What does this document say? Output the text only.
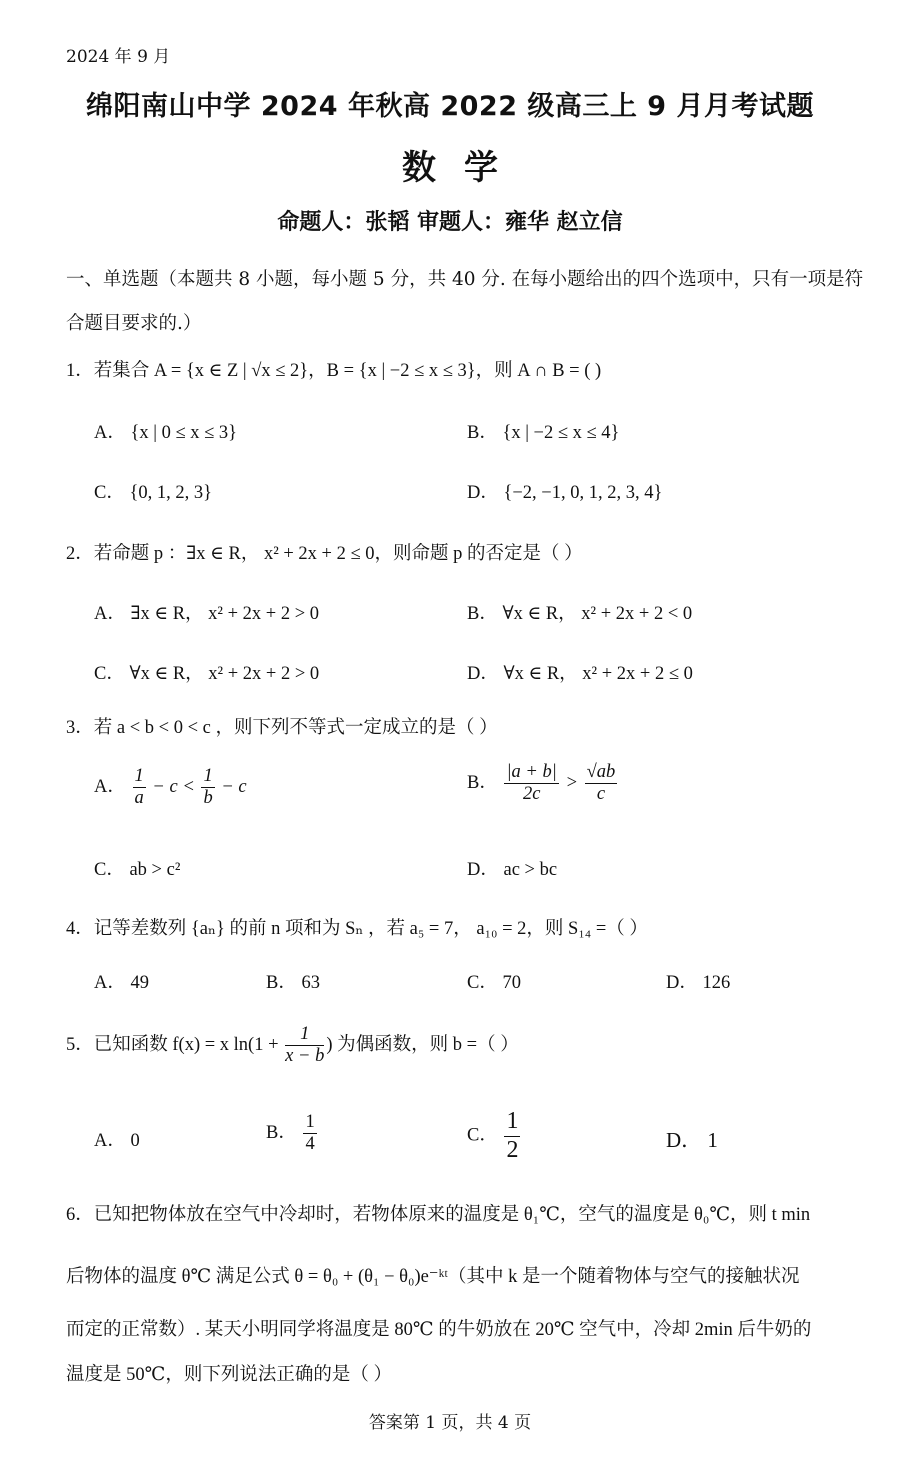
2024 年 9 月
绵阳南山中学 2024 年秋高 2022 级高三上 9 月月考试题
数学
命题人：张韬 审题人：雍华 赵立信
一、单选题（本题共 8 小题，每小题 5 分，共 40 分. 在每小题给出的四个选项中，只有一项是符合题目要求的.）
1．若集合 A = {x ∈ Z | √x ≤ 2}，B = {x | −2 ≤ x ≤ 3}，则 A ∩ B = ( )
A． {x | 0 ≤ x ≤ 3}	B． {x | −2 ≤ x ≤ 4}
C． {0, 1, 2, 3}	D． {−2, −1, 0, 1, 2, 3, 4}
2．若命题 p ：∃x ∈ R， x² + 2x + 2 ≤ 0，则命题 p 的否定是（ ）
A． ∃x ∈ R， x² + 2x + 2 > 0	B． ∀x ∈ R， x² + 2x + 2 < 0
C． ∀x ∈ R， x² + 2x + 2 > 0	D． ∀x ∈ R， x² + 2x + 2 ≤ 0
3．若 a < b < 0 < c ，则下列不等式一定成立的是（ ）
A． $\frac{1}{a} - c < \frac{1}{b} - c$	B． $\frac{|a + b|}{2c} > \frac{√ab}{c}$
C． ab > c²	D． ac > bc
4．记等差数列 {aₙ} 的前 n 项和为 Sₙ ，若 a₅ = 7， a₁₀ = 2，则 S₁₄ =（ ）
A． 49	B． 63	C． 70	D． 126
5．已知函数 f(x) = x $\ln(1 + \frac{1}{x - b}$ ) 为偶函数，则 b =（ ）
A． 0	B． $\frac{1}{4}$	C． $\frac{1}{2}$	D． 1
6．已知把物体放在空气中冷却时，若物体原来的温度是 θ₁℃，空气的温度是 θ₀℃，则 t min
后物体的温度 θ℃ 满足公式 θ = θ₀ + (θ₁ − θ₀)e⁻ᵏᵗ（其中 k 是一个随着物体与空气的接触状况
而定的正常数）. 某天小明同学将温度是 80℃ 的牛奶放在 20℃ 空气中，冷却 2min 后牛奶的
温度是 50℃，则下列说法正确的是（ ）
答案第 1 页，共 4 页
